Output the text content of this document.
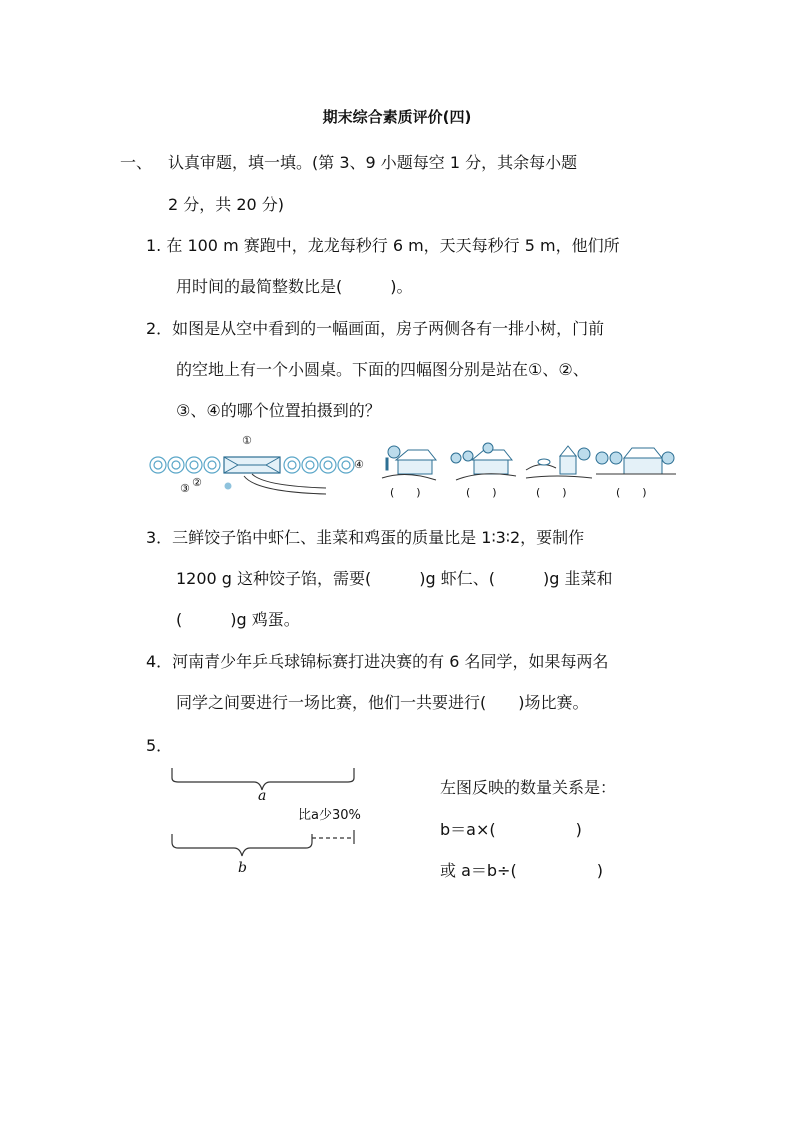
期末综合素质评价(四)
一、 认真审题，填一填。(第 3、9 小题每空 1 分，其余每小题
2 分，共 20 分)
1. 在 100 m 赛跑中，龙龙每秒行 6 m，天天每秒行 5 m，他们所
用时间的最简整数比是(　　　)。
2．如图是从空中看到的一幅画面，房子两侧各有一排小树，门前
的空地上有一个小圆桌。下面的四幅图分别是站在①、②、
③、④的哪个位置拍摄到的？
①
②
③
④
(　　)	(　　)	(　　)	(　　)
3．三鲜饺子馅中虾仁、韭菜和鸡蛋的质量比是 1∶3∶2，要制作
1200 g 这种饺子馅，需要(　　　)g 虾仁、(　　　)g 韭菜和
(　　　)g 鸡蛋。
4．河南青少年乒乓球锦标赛打进决赛的有 6 名同学，如果每两名
同学之间要进行一场比赛，他们一共要进行(　　)场比赛。
5．
a
b
比a少30%
左图反映的数量关系是：
b＝a×(　　　　　)
或 a＝b÷(　　　　　)
